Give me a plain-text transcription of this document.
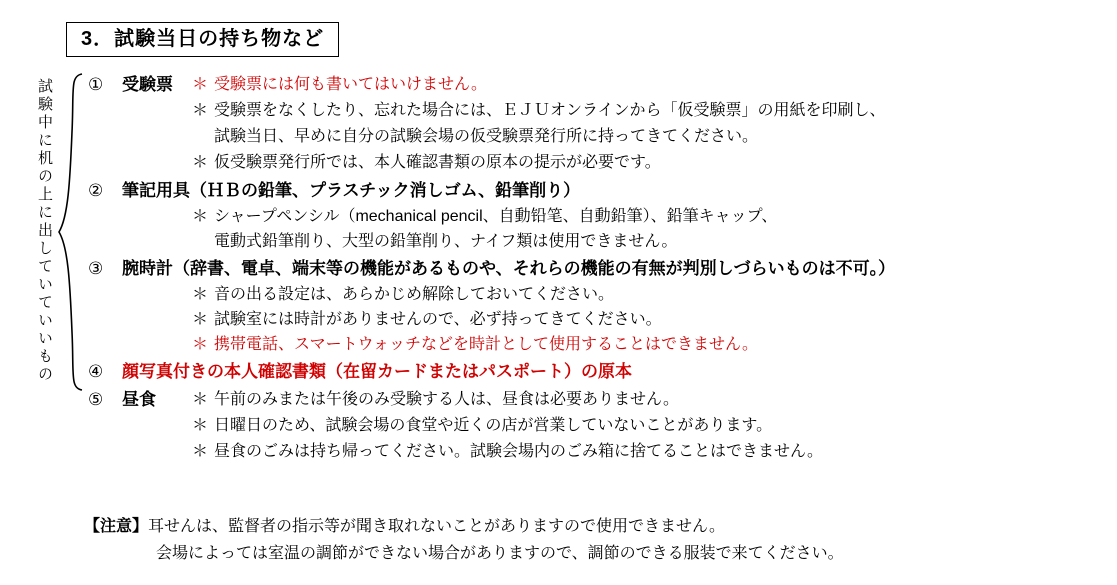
3．試験当日の持ち物など
試験中に机の上に出していていいもの ①	受験票	＊ 受験票には何も書いてはいけません。
＊ 受験票をなくしたり、忘れた場合には、ＥＪＵオンラインから「仮受験票」の用紙を印刷し、
試験当日、早めに自分の試験会場の仮受験票発行所に持ってきてください。
＊ 仮受験票発行所では、本人確認書類の原本の提示が必要です。
②	筆記用具（ＨＢの鉛筆、プラスチック消しゴム、鉛筆削り）
＊ シャープペンシル（mechanical pencil、自動铅笔、自動鉛筆）、鉛筆キャップ、
電動式鉛筆削り、大型の鉛筆削り、ナイフ類は使用できません。
③	腕時計（辞書、電卓、端末等の機能があるものや、それらの機能の有無が判別しづらいものは不可。）
＊ 音の出る設定は、あらかじめ解除しておいてください。
＊ 試験室には時計がありませんので、必ず持ってきてください。
＊ 携帯電話、スマートウォッチなどを時計として使用することはできません。
④	顔写真付きの本人確認書類（在留カードまたはパスポート）の原本
⑤	昼食	＊ 午前のみまたは午後のみ受験する人は、昼食は必要ありません。
＊ 日曜日のため、試験会場の食堂や近くの店が営業していないことがあります。
＊ 昼食のごみは持ち帰ってください。試験会場内のごみ箱に捨てることはできません。
【注意】耳せんは、監督者の指示等が聞き取れないことがありますので使用できません。
会場によっては室温の調節ができない場合がありますので、調節のできる服装で来てください。
